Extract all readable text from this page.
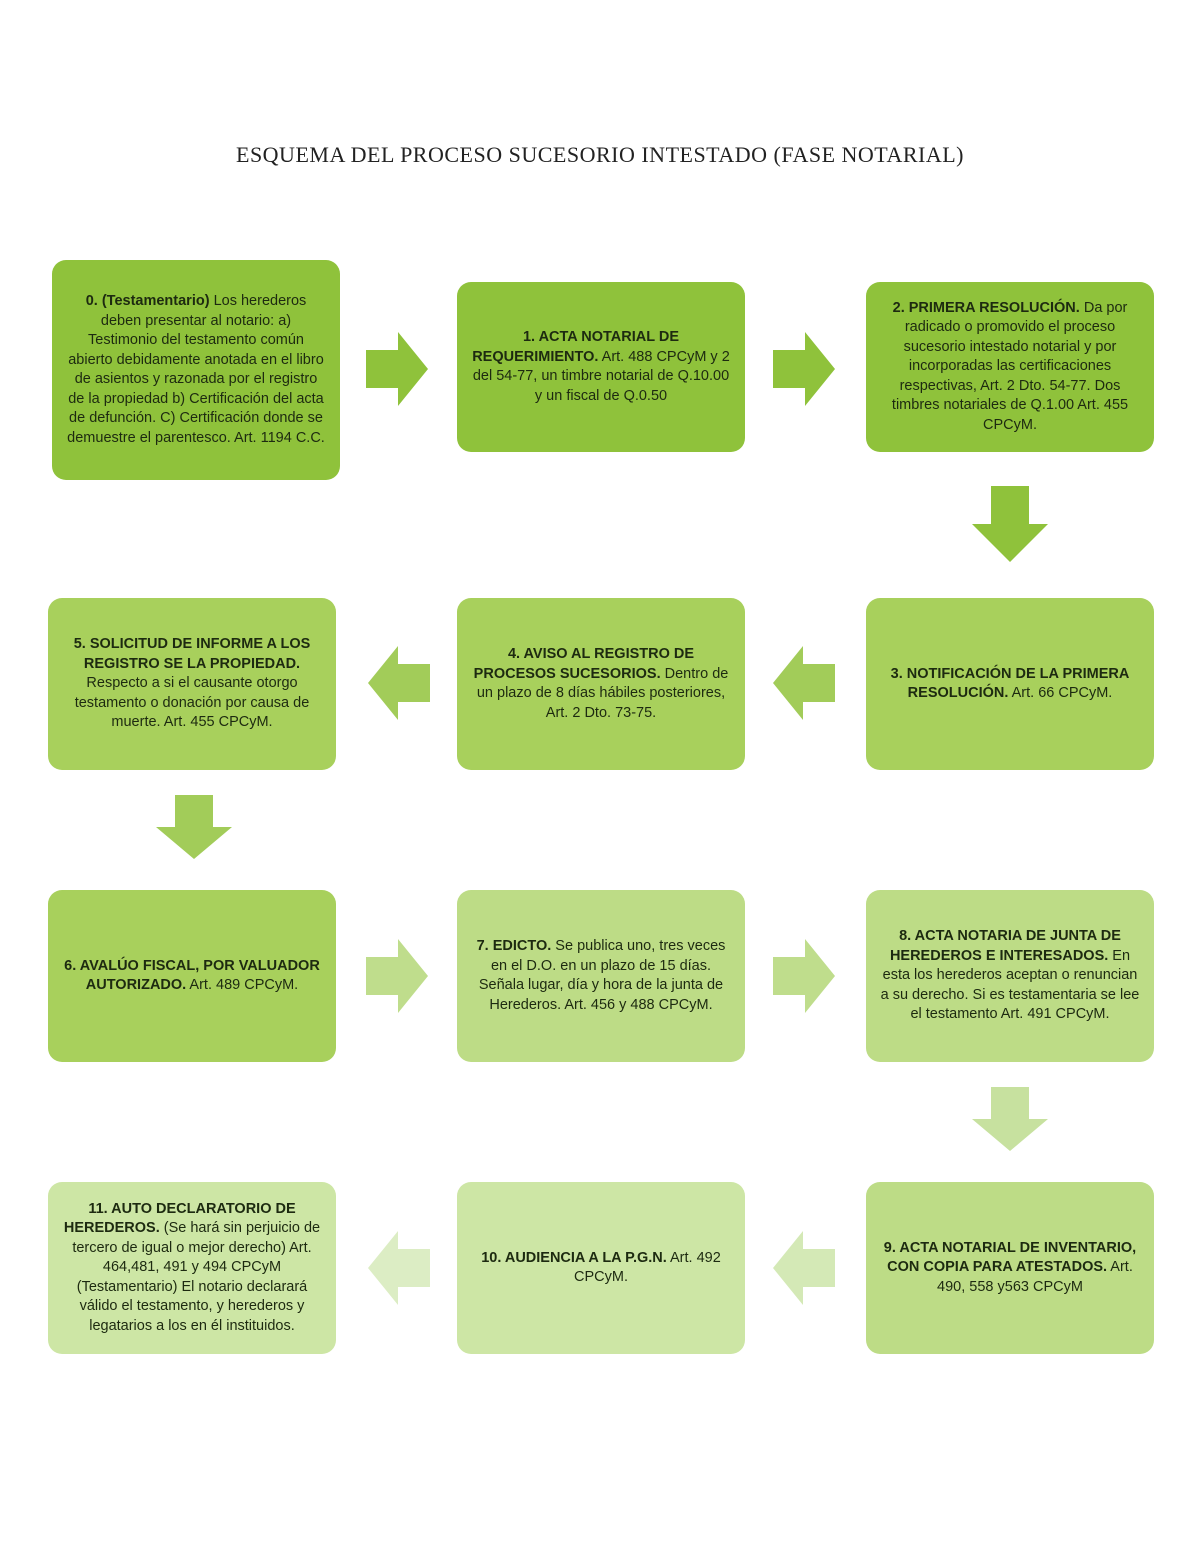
ESQUEMA DEL PROCESO SUCESORIO INTESTADO (FASE NOTARIAL)
0. (Testamentario) Los herederos deben presentar al notario: a) Testimonio del testamento común abierto debidamente anotada en el libro de asientos y razonada por el registro de la propiedad b) Certificación del acta de defunción. C) Certificación donde se demuestre el parentesco. Art. 1194 C.C.
1. ACTA NOTARIAL DE REQUERIMIENTO. Art. 488 CPCyM y 2 del 54-77, un timbre notarial de Q.10.00 y un fiscal de Q.0.50
2. PRIMERA RESOLUCIÓN. Da por radicado o promovido el proceso sucesorio intestado notarial y por incorporadas las certificaciones respectivas, Art. 2 Dto. 54-77. Dos timbres notariales de Q.1.00 Art. 455 CPCyM.
3. NOTIFICACIÓN DE LA PRIMERA RESOLUCIÓN. Art. 66 CPCyM.
4. AVISO AL REGISTRO DE PROCESOS SUCESORIOS. Dentro de un plazo de 8 días hábiles posteriores, Art. 2 Dto. 73-75.
5. SOLICITUD DE INFORME A LOS REGISTRO SE LA PROPIEDAD. Respecto a si el causante otorgo testamento o donación por causa de muerte. Art. 455 CPCyM.
6. AVALÚO FISCAL, POR VALUADOR AUTORIZADO. Art. 489 CPCyM.
7. EDICTO. Se publica uno, tres veces en el D.O. en un plazo de 15 días. Señala lugar, día y hora de la junta de Herederos. Art. 456 y 488 CPCyM.
8. ACTA NOTARIA DE JUNTA DE HEREDEROS E INTERESADOS. En esta los herederos aceptan o renuncian a su derecho. Si es testamentaria se lee el testamento Art. 491 CPCyM.
9. ACTA NOTARIAL DE INVENTARIO, CON COPIA PARA ATESTADOS. Art. 490, 558 y563 CPCyM
10. AUDIENCIA A LA P.G.N. Art. 492 CPCyM.
11. AUTO DECLARATORIO DE HEREDEROS. (Se hará sin perjuicio de tercero de igual o mejor derecho) Art. 464,481, 491 y 494 CPCyM (Testamentario) El notario declarará válido el testamento, y herederos y legatarios a los en él instituidos.
